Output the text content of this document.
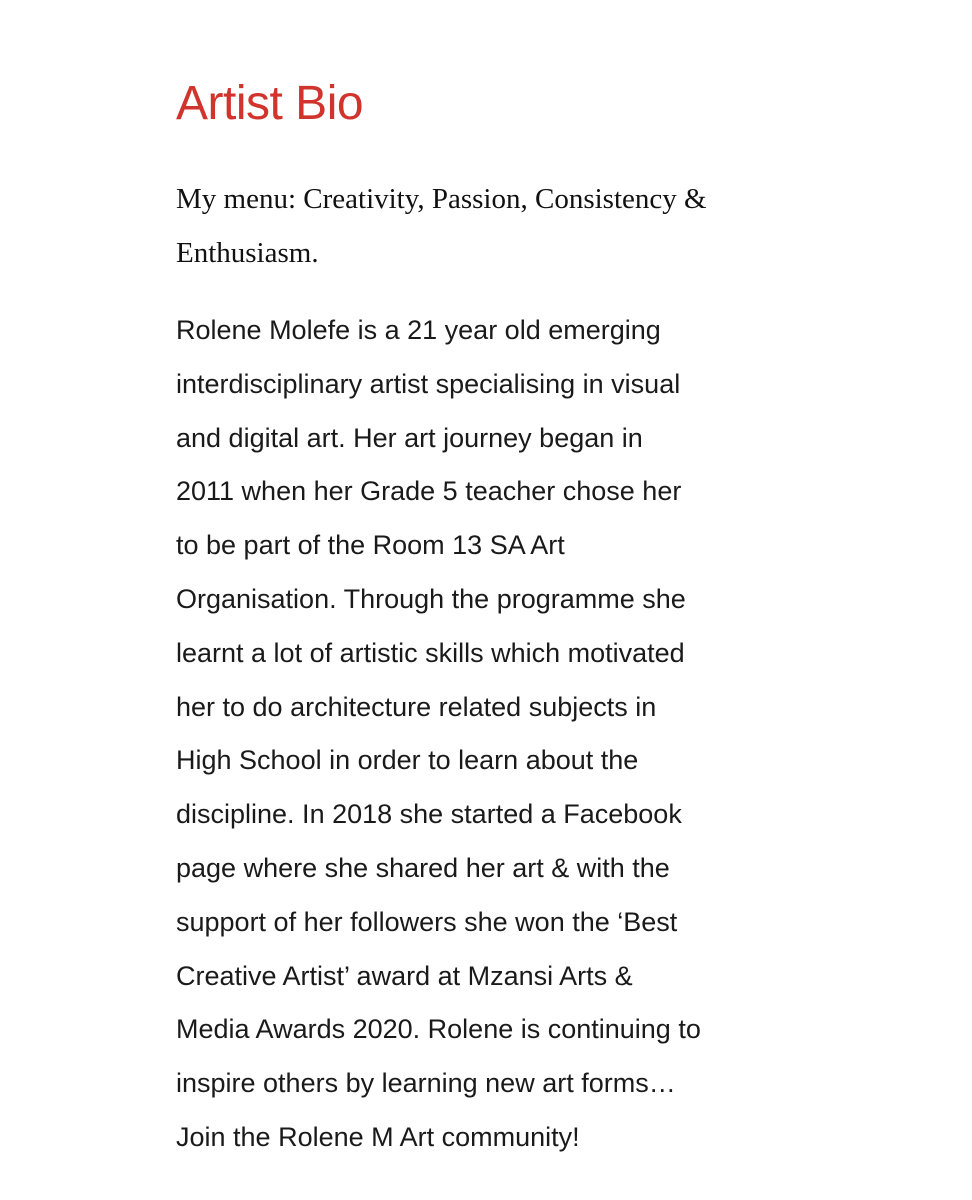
Artist Bio

My menu: Creativity, Passion, Consistency &
Enthusiasm.

Rolene Molefe is a 21 year old emerging
interdisciplinary artist specialising in visual
and digital art. Her art journey began in
2011 when her Grade 5 teacher chose her
to be part of the Room 13 SA Art
Organisation. Through the programme she
learnt a lot of artistic skills which motivated
her to do architecture related subjects in
High School in order to learn about the
discipline. In 2018 she started a Facebook
page where she shared her art & with the
support of her followers she won the ‘Best
Creative Artist’ award at Mzansi Arts &
Media Awards 2020. Rolene is continuing to
inspire others by learning new art forms…
Join the Rolene M Art community!
